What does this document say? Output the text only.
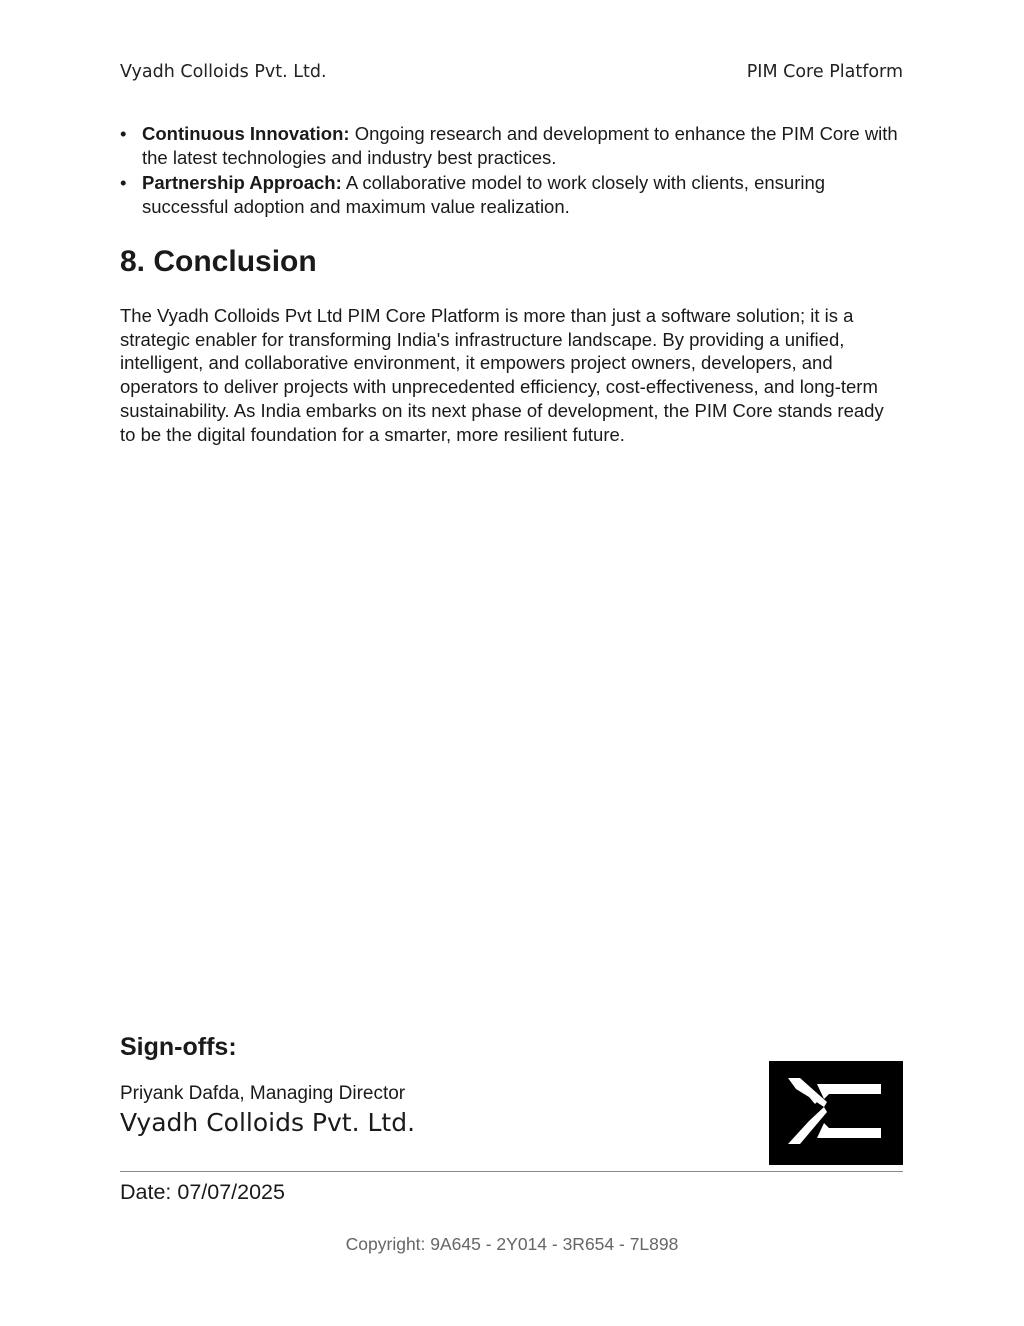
Vyadh Colloids Pvt. Ltd.	PIM Core Platform
• Continuous Innovation: Ongoing research and development to enhance the PIM Core with the latest technologies and industry best practices.
• Partnership Approach: A collaborative model to work closely with clients, ensuring successful adoption and maximum value realization.
8. Conclusion

The Vyadh Colloids Pvt Ltd PIM Core Platform is more than just a software solution; it is a strategic enabler for transforming India's infrastructure landscape. By providing a unified, intelligent, and collaborative environment, it empowers project owners, developers, and operators to deliver projects with unprecedented efficiency, cost-effectiveness, and long-term sustainability. As India embarks on its next phase of development, the PIM Core stands ready to be the digital foundation for a smarter, more resilient future.

Sign-offs:
Priyank Dafda, Managing Director
Vyadh Colloids Pvt. Ltd.
Date: 07/07/2025
Copyright: 9A645 - 2Y014 - 3R654 - 7L898
